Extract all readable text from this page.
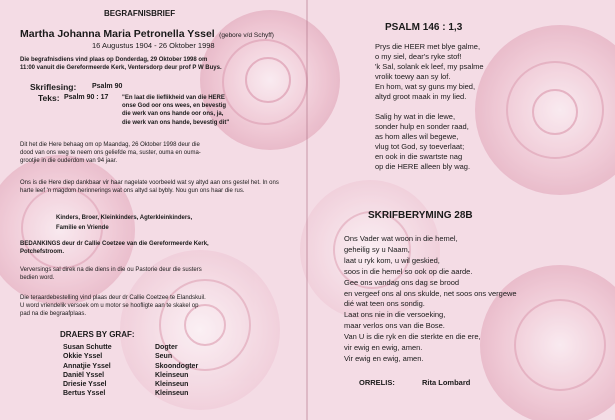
BEGRAFNISBRIEF
Martha Johanna Maria Petronella Yssel (gebore v/d Schyff)
16 Augustus 1904 - 26 Oktober 1998
Die begrafnisdiens vind plaas op Donderdag, 29 Oktober 1998 om
11:00 vanuit die Gereformeerde Kerk, Ventersdorp deur prof P W Buys.
Skriflesing: Psalm 90
Teks: Psalm 90 : 17 "En laat die lieflikheid van die HERE
onse God oor ons wees, en bevestig
die werk van ons hande oor ons, ja,
die werk van ons hande, bevestig dit"
Dit het die Here behaag om op Maandag, 26 Oktober 1998 deur die
dood van ons weg te neem ons geliefde ma, suster, ouma en ouma-
grootjie in die ouderdom van 94 jaar.
Ons is die Here diep dankbaar vir haar nagelate voorbeeld wat sy altyd aan ons gestel het. In ons harte leef 'n magdom herinnerings wat ons altyd sal bybly. Nou gun ons haar die rus.
Kinders, Broer, Kleinkinders, Agterkleinkinders,
Familie en Vriende
BEDANKINGS deur dr Callie Coetzee van die Gereformeerde Kerk,
Potchefstroom.
Verversings sal direk na die diens in die ou Pastorie deur die susters
bedien word.
Die teraardebestelling vind plaas deur dr Callie Coetzee te Elandskuil.
U word vriendelik versoek om u motor se hoofligte aan te skakel op
pad na die begraafplaas.
DRAERS BY GRAF:
Susan Schutte	Dogter
Okkie Yssel	Seun
Annatjie Yssel	Skoondogter
Daniël Yssel	Kleinseun
Driesie Yssel	Kleinseun
Bertus Yssel	Kleinseun
PSALM 146 : 1,3
Prys die HEER met blye galme,
o my siel, dear's ryke stof!
'k Sal, solank ek leef, my psalme
vrolik toewy aan sy lof.
En hom, wat sy guns my bied,
altyd groot maak in my lied.
Salig hy wat in die lewe,
sonder hulp en sonder raad,
as hom alles wil begewe,
vlug tot God, sy toeverlaat;
en ook in die swartste nag
op die HERE alleen bly wag.
SKRIFBERYMING 28B
Ons Vader wat woon in die hemel,
geheilig sy u Naam,
laat u ryk kom, u wil geskied,
soos in die hemel so ook op die aarde.
Gee ons vandag ons dag se brood
en vergeef ons al ons skulde, net soos ons vergewe
dié wat teen ons sondig.
Laat ons nie in die versoeking,
maar verlos ons van die Bose.
Van U is die ryk en die sterkte en die ere,
vir ewig en ewig, amen.
Vir ewig en ewig, amen.
ORRELIS:	Rita Lombard
